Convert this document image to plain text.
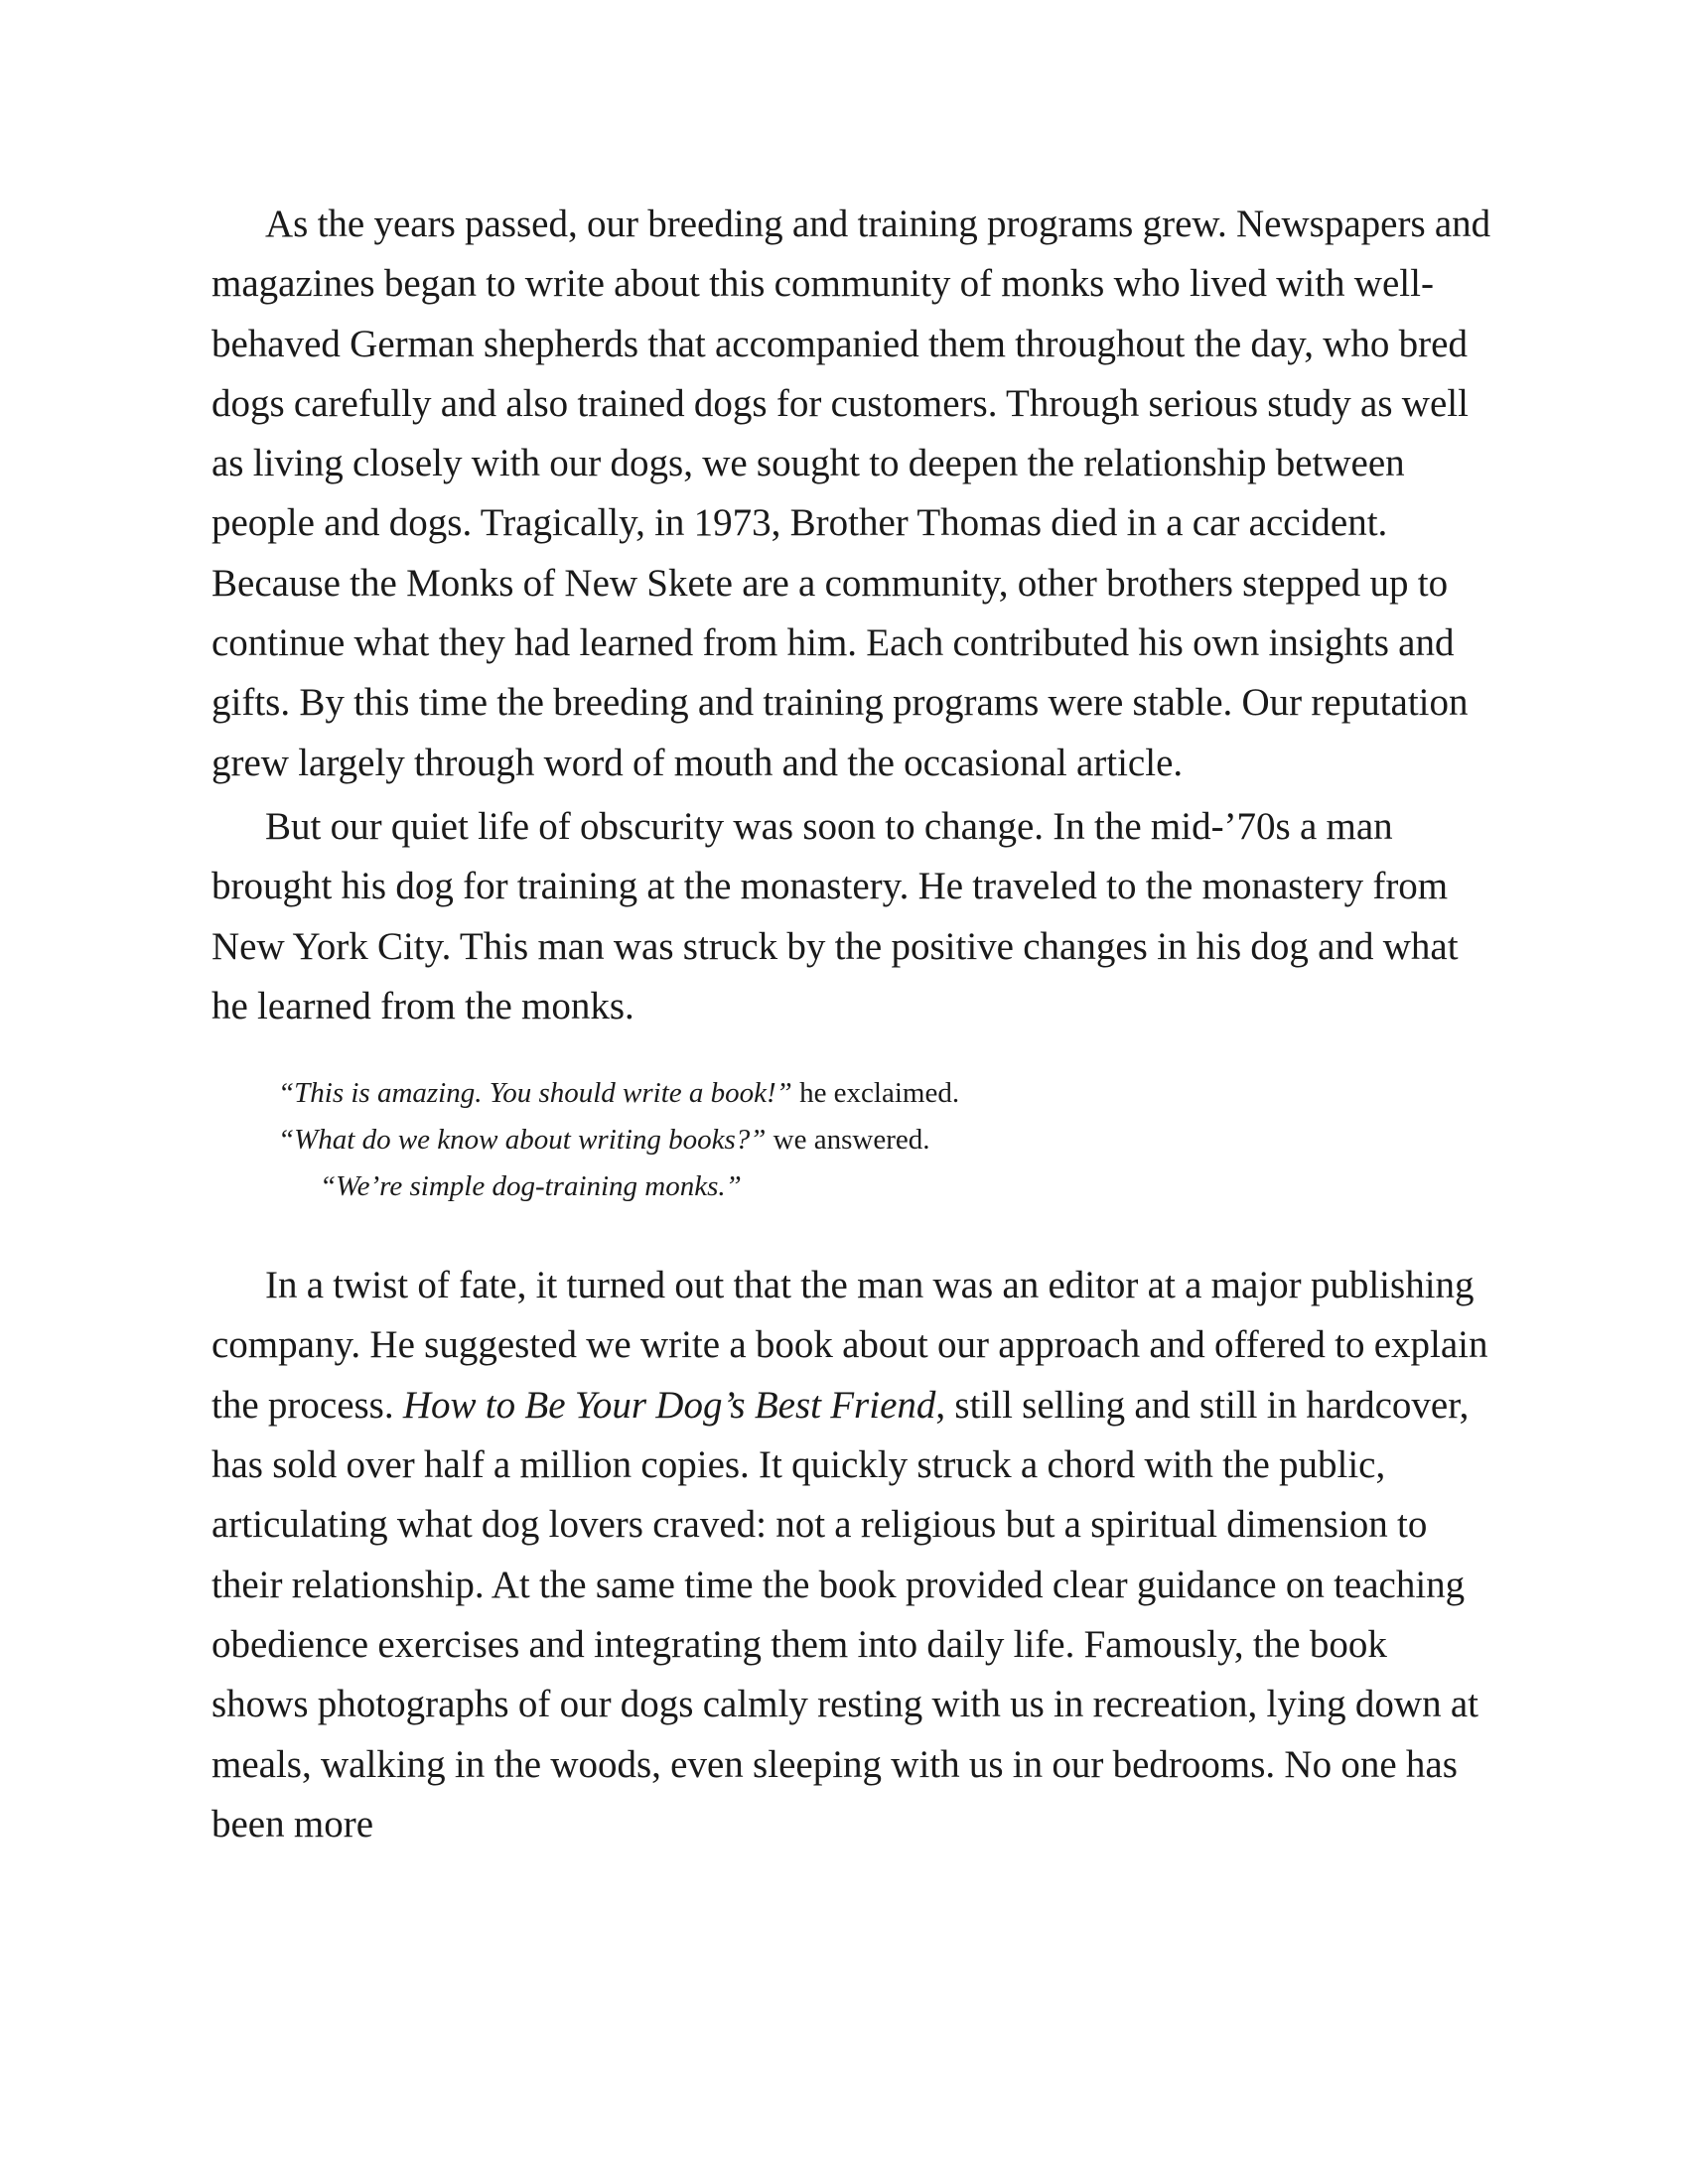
As the years passed, our breeding and training programs grew. Newspapers and magazines began to write about this community of monks who lived with well-behaved German shepherds that accompanied them throughout the day, who bred dogs carefully and also trained dogs for customers. Through serious study as well as living closely with our dogs, we sought to deepen the relationship between people and dogs. Tragically, in 1973, Brother Thomas died in a car accident. Because the Monks of New Skete are a community, other brothers stepped up to continue what they had learned from him. Each contributed his own insights and gifts. By this time the breeding and training programs were stable. Our reputation grew largely through word of mouth and the occasional article.

But our quiet life of obscurity was soon to change. In the mid-’70s a man brought his dog for training at the monastery. He traveled to the monastery from New York City. This man was struck by the positive changes in his dog and what he learned from the monks.

“This is amazing. You should write a book!” he exclaimed.
“What do we know about writing books?” we answered.
“We’re simple dog-training monks.”

In a twist of fate, it turned out that the man was an editor at a major publishing company. He suggested we write a book about our approach and offered to explain the process. How to Be Your Dog’s Best Friend, still selling and still in hardcover, has sold over half a million copies. It quickly struck a chord with the public, articulating what dog lovers craved: not a religious but a spiritual dimension to their relationship. At the same time the book provided clear guidance on teaching obedience exercises and integrating them into daily life. Famously, the book shows photographs of our dogs calmly resting with us in recreation, lying down at meals, walking in the woods, even sleeping with us in our bedrooms. No one has been more
